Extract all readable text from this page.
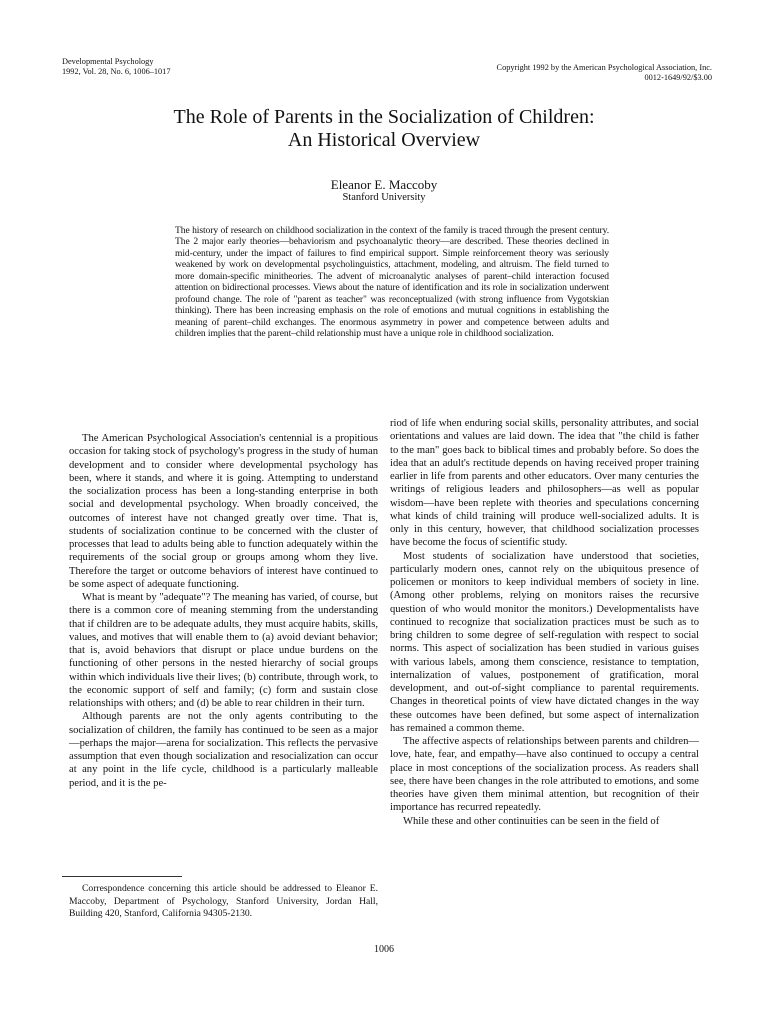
Developmental Psychology
1992, Vol. 28, No. 6, 1006–1017	Copyright 1992 by the American Psychological Association, Inc.
0012-1649/92/$3.00
The Role of Parents in the Socialization of Children:
An Historical Overview
Eleanor E. Maccoby
Stanford University
The history of research on childhood socialization in the context of the family is traced through the present century. The 2 major early theories—behaviorism and psychoanalytic theory—are described. These theories declined in mid-century, under the impact of failures to find empirical support. Simple reinforcement theory was seriously weakened by work on developmental psycholinguistics, attachment, modeling, and altruism. The field turned to more domain-specific minitheories. The advent of microanalytic analyses of parent–child interaction focused attention on bidirectional processes. Views about the nature of identification and its role in socialization underwent profound change. The role of "parent as teacher" was reconceptualized (with strong influence from Vygotskian thinking). There has been increasing emphasis on the role of emotions and mutual cognitions in establishing the meaning of parent–child exchanges. The enormous asymmetry in power and competence between adults and children implies that the parent–child relationship must have a unique role in childhood socialization.

The American Psychological Association's centennial is a propitious occasion for taking stock of psychology's progress in the study of human development and to consider where developmental psychology has been, where it stands, and where it is going. Attempting to understand the socialization process has been a long-standing enterprise in both social and developmental psychology. When broadly conceived, the outcomes of interest have not changed greatly over time. That is, students of socialization continue to be concerned with the cluster of processes that lead to adults being able to function adequately within the requirements of the social group or groups among whom they live. Therefore the target or outcome behaviors of interest have continued to be some aspect of adequate functioning.

What is meant by "adequate"? The meaning has varied, of course, but there is a common core of meaning stemming from the understanding that if children are to be adequate adults, they must acquire habits, skills, values, and motives that will enable them to (a) avoid deviant behavior; that is, avoid behaviors that disrupt or place undue burdens on the functioning of other persons in the nested hierarchy of social groups within which individuals live their lives; (b) contribute, through work, to the economic support of self and family; (c) form and sustain close relationships with others; and (d) be able to rear children in their turn.

Although parents are not the only agents contributing to the socialization of children, the family has continued to be seen as a major—perhaps the major—arena for socialization. This reflects the pervasive assumption that even though socialization and resocialization can occur at any point in the life cycle, childhood is a particularly malleable period, and it is the pe-

riod of life when enduring social skills, personality attributes, and social orientations and values are laid down. The idea that "the child is father to the man" goes back to biblical times and probably before. So does the idea that an adult's rectitude depends on having received proper training earlier in life from parents and other educators. Over many centuries the writings of religious leaders and philosophers—as well as popular wisdom—have been replete with theories and speculations concerning what kinds of child training will produce well-socialized adults. It is only in this century, however, that childhood socialization processes have become the focus of scientific study.

Most students of socialization have understood that societies, particularly modern ones, cannot rely on the ubiquitous presence of policemen or monitors to keep individual members of society in line. (Among other problems, relying on monitors raises the recursive question of who would monitor the monitors.) Developmentalists have continued to recognize that socialization practices must be such as to bring children to some degree of self-regulation with respect to social norms. This aspect of socialization has been studied in various guises with various labels, among them conscience, resistance to temptation, internalization of values, postponement of gratification, moral development, and out-of-sight compliance to parental requirements. Changes in theoretical points of view have dictated changes in the way these outcomes have been defined, but some aspect of internalization has remained a common theme.

The affective aspects of relationships between parents and children—love, hate, fear, and empathy—have also continued to occupy a central place in most conceptions of the socialization process. As readers shall see, there have been changes in the role attributed to emotions, and some theories have given them minimal attention, but recognition of their importance has recurred repeatedly.

While these and other continuities can be seen in the field of

Correspondence concerning this article should be addressed to Eleanor E. Maccoby, Department of Psychology, Stanford University, Jordan Hall, Building 420, Stanford, California 94305-2130.

1006
